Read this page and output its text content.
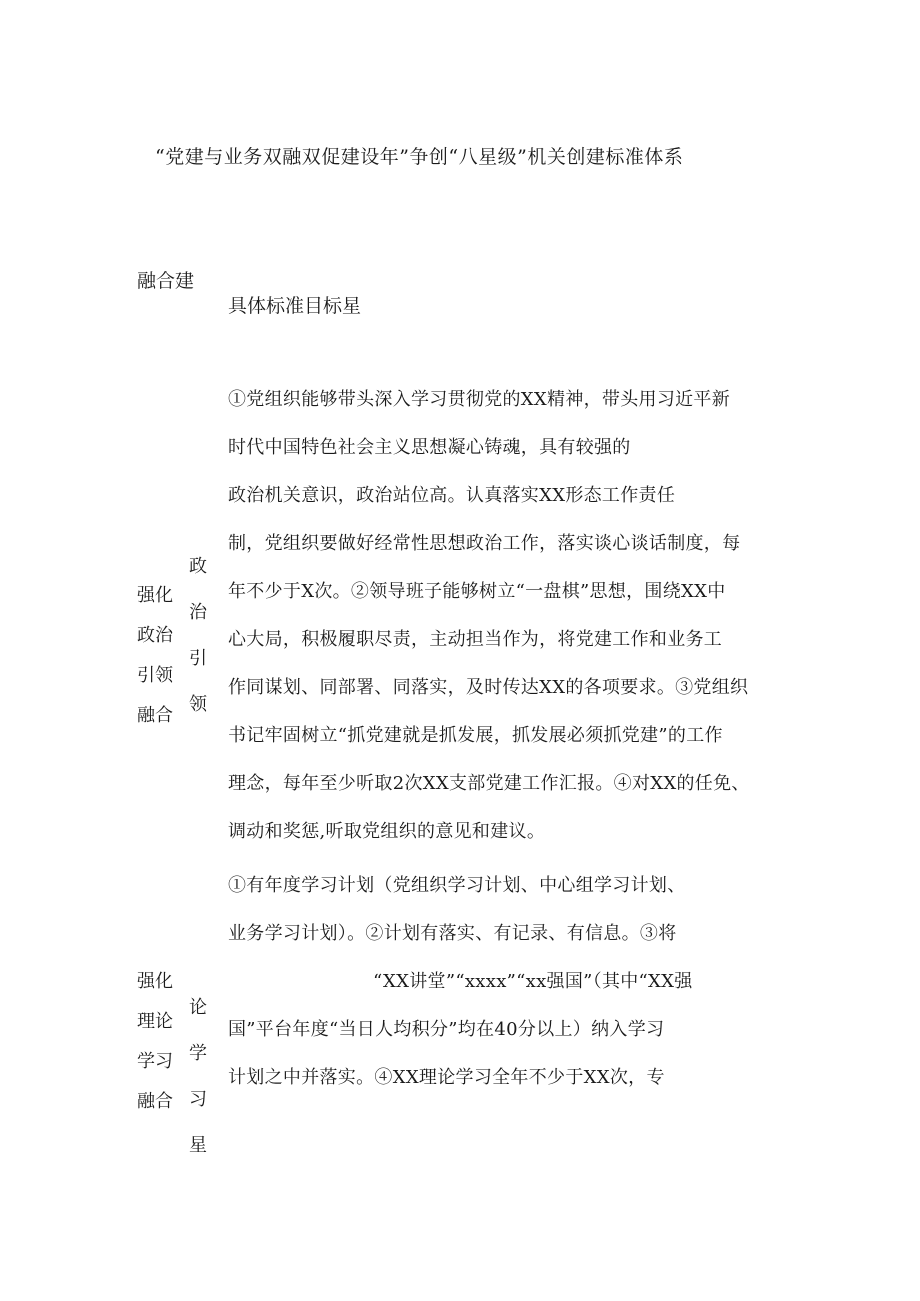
“党建与业务双融双促建设年”争创“八星级”机关创建标准体系
融合建
具体标准目标星
强化
政治
引领
融合
政
治
引
领
①党组织能够带头深入学习贯彻党的XX精神，带头用习近平新
时代中国特色社会主义思想凝心铸魂，具有较强的
政治机关意识，政治站位高。认真落实XX形态工作责任
制，党组织要做好经常性思想政治工作，落实谈心谈话制度，每
年不少于X次。②领导班子能够树立“一盘棋”思想，围绕XX中
心大局，积极履职尽责，主动担当作为，将党建工作和业务工
作同谋划、同部署、同落实，及时传达XX的各项要求。③党组织
书记牢固树立“抓党建就是抓发展，抓发展必须抓党建”的工作
理念，每年至少听取2次XX支部党建工作汇报。④对XX的任免、
调动和奖惩,听取党组织的意见和建议。
强化
理论
学习
融合
论
学
习
星
①有年度学习计划（党组织学习计划、中心组学习计划、
业务学习计划）。②计划有落实、有记录、有信息。③将
“XX讲堂”“xxxx”“xx强国”（其中“XX强
国”平台年度“当日人均积分”均在40分以上）纳入学习
计划之中并落实。④XX理论学习全年不少于XX次，专
